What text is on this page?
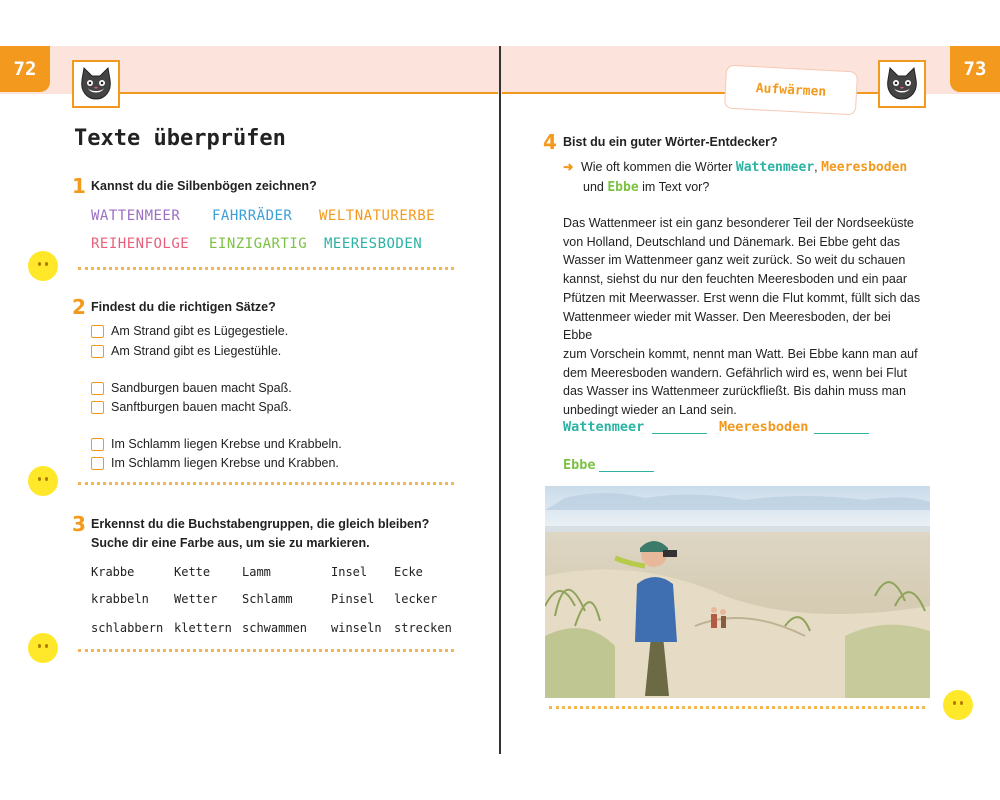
72	73
Aufwärmen
Texte überprüfen
1 Kannst du die Silbenbögen zeichnen?
WATTENMEER FAHRRÄDER WELTNATURERBE
REIHENFOLGE EINZIGARTIG MEERESBODEN
2 Findest du die richtigen Sätze?
Am Strand gibt es Lügegestiele.
Am Strand gibt es Liegestühle.
Sandburgen bauen macht Spaß.
Sanftburgen bauen macht Spaß.
Im Schlamm liegen Krebse und Krabbeln.
Im Schlamm liegen Krebse und Krabben.
3 Erkennst du die Buchstabengruppen, die gleich bleiben?
Suche dir eine Farbe aus, um sie zu markieren.
Krabbe	Kette	Lamm	Insel Ecke
krabbeln Wetter Schlamm	Pinsel lecker
schlabbern klettern schwammen winseln strecken
4 Bist du ein guter Wörter-Entdecker?
➜ Wie oft kommen die Wörter Wattenmeer, Meeresboden
und Ebbe im Text vor?
Das Wattenmeer ist ein ganz besonderer Teil der Nordseeküste
von Holland, Deutschland und Dänemark. Bei Ebbe geht das
Wasser im Wattenmeer ganz weit zurück. So weit du schauen
kannst, siehst du nur den feuchten Meeresboden und ein paar
Pfützen mit Meerwasser. Erst wenn die Flut kommt, füllt sich das
Wattenmeer wieder mit Wasser. Den Meeresboden, der bei Ebbe
zum Vorschein kommt, nennt man Watt. Bei Ebbe kann man auf
dem Meeresboden wandern. Gefährlich wird es, wenn bei Flut
das Wasser ins Wattenmeer zurückfließt. Bis dahin muss man
unbedingt wieder an Land sein.
Wattenmeer	Meeresboden
Ebbe
